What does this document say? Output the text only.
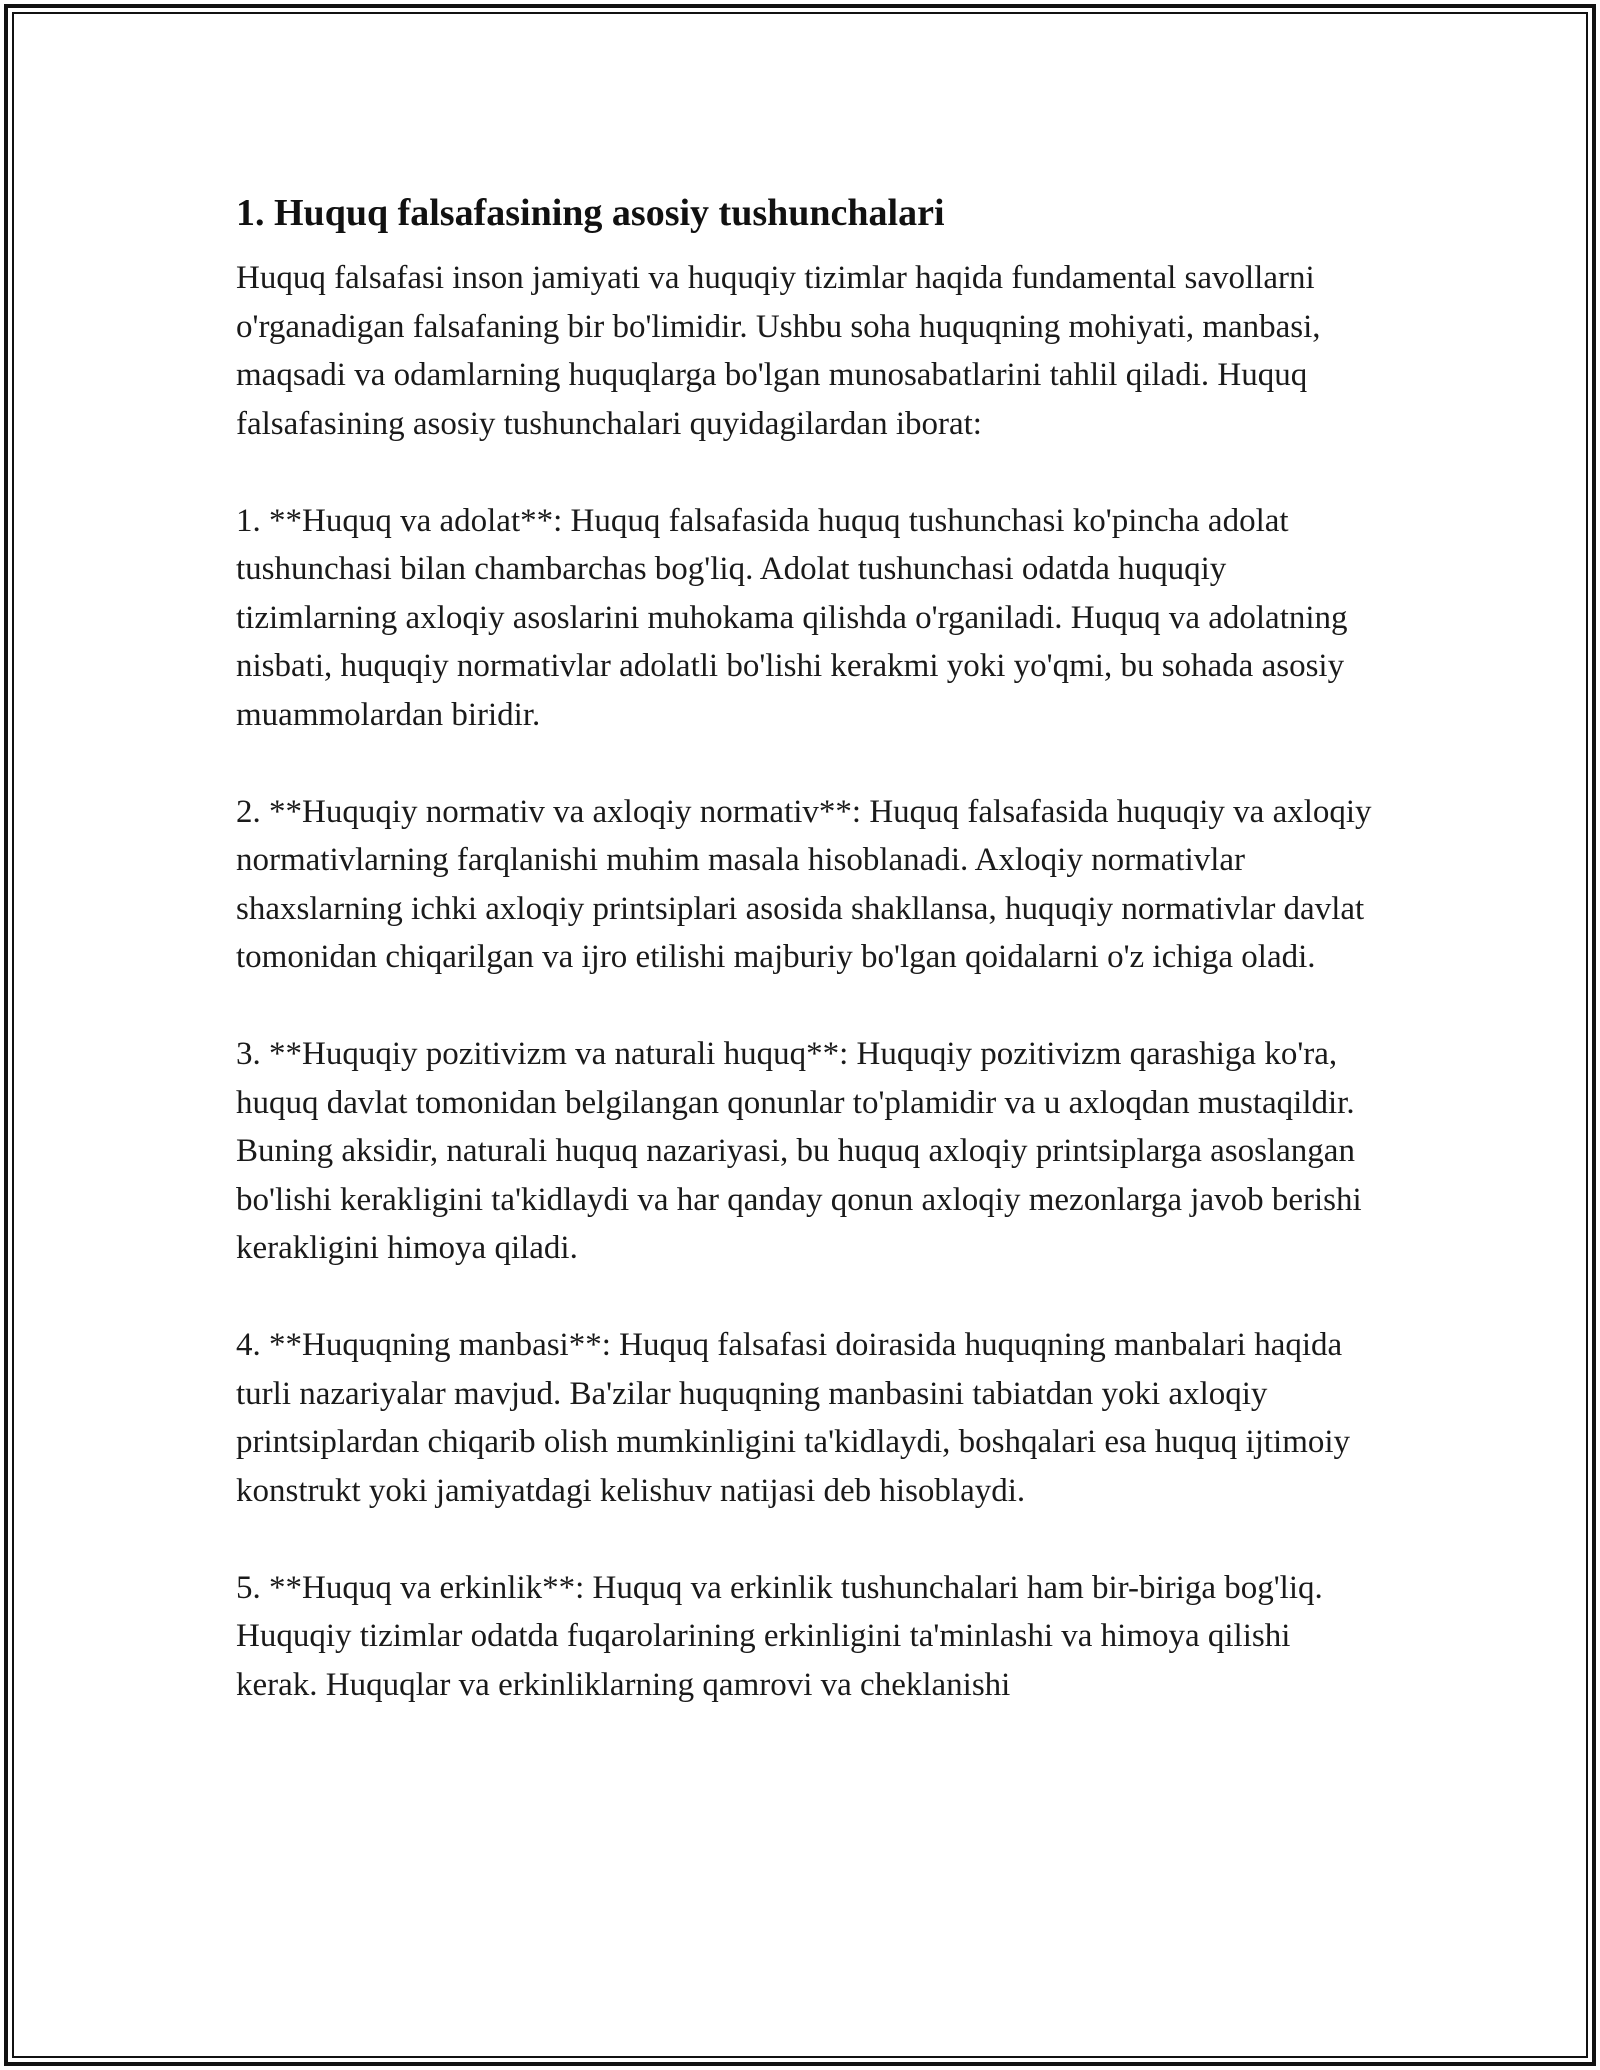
1. Huquq falsafasining asosiy tushunchalari

Huquq falsafasi inson jamiyati va huquqiy tizimlar haqida fundamental savollarni o'rganadigan falsafaning bir bo'limidir. Ushbu soha huquqning mohiyati, manbasi, maqsadi va odamlarning huquqlarga bo'lgan munosabatlarini tahlil qiladi. Huquq falsafasining asosiy tushunchalari quyidagilardan iborat:

1. **Huquq va adolat**: Huquq falsafasida huquq tushunchasi ko'pincha adolat tushunchasi bilan chambarchas bog'liq. Adolat tushunchasi odatda huquqiy tizimlarning axloqiy asoslarini muhokama qilishda o'rganiladi. Huquq va adolatning nisbati, huquqiy normativlar adolatli bo'lishi kerakmi yoki yo'qmi, bu sohada asosiy muammolardan biridir.

2. **Huquqiy normativ va axloqiy normativ**: Huquq falsafasida huquqiy va axloqiy normativlarning farqlanishi muhim masala hisoblanadi. Axloqiy normativlar shaxslarning ichki axloqiy printsiplari asosida shakllansa, huquqiy normativlar davlat tomonidan chiqarilgan va ijro etilishi majburiy bo'lgan qoidalarni o'z ichiga oladi.

3. **Huquqiy pozitivizm va naturali huquq**: Huquqiy pozitivizm qarashiga ko'ra, huquq davlat tomonidan belgilangan qonunlar to'plamidir va u axloqdan mustaqildir. Buning aksidir, naturali huquq nazariyasi, bu huquq axloqiy printsiplarga asoslangan bo'lishi kerakligini ta'kidlaydi va har qanday qonun axloqiy mezonlarga javob berishi kerakligini himoya qiladi.

4. **Huquqning manbasi**: Huquq falsafasi doirasida huquqning manbalari haqida turli nazariyalar mavjud. Ba'zilar huquqning manbasini tabiatdan yoki axloqiy printsiplardan chiqarib olish mumkinligini ta'kidlaydi, boshqalari esa huquq ijtimoiy konstrukt yoki jamiyatdagi kelishuv natijasi deb hisoblaydi.

5. **Huquq va erkinlik**: Huquq va erkinlik tushunchalari ham bir-biriga bog'liq. Huquqiy tizimlar odatda fuqarolarining erkinligini ta'minlashi va himoya qilishi kerak. Huquqlar va erkinliklarning qamrovi va cheklanishi
